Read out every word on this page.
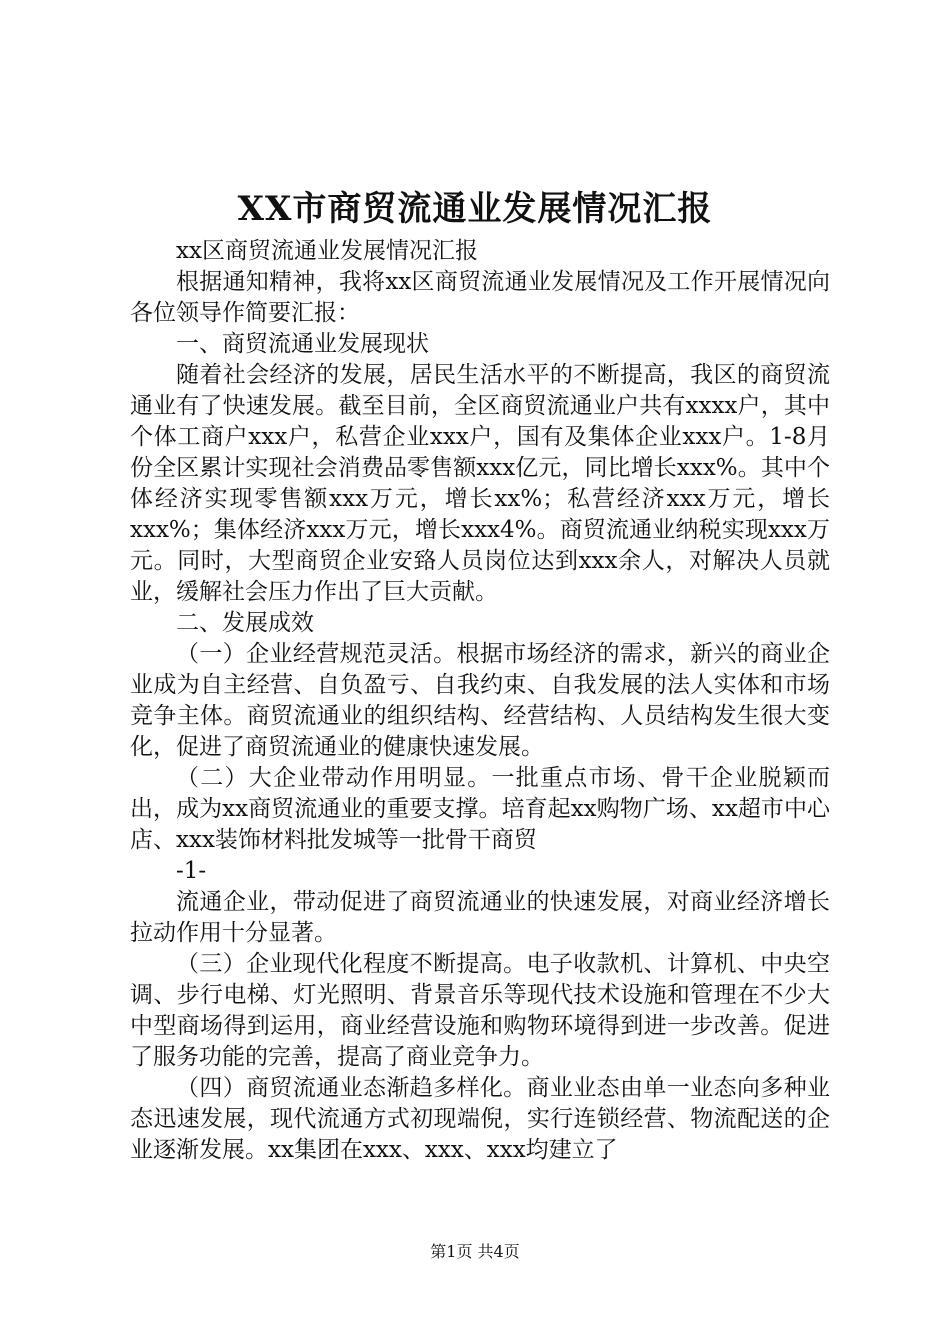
XX市商贸流通业发展情况汇报

xx区商贸流通业发展情况汇报

根据通知精神，我将xx区商贸流通业发展情况及工作开展情况向各位领导作简要汇报：

一、商贸流通业发展现状

随着社会经济的发展，居民生活水平的不断提高，我区的商贸流通业有了快速发展。截至目前，全区商贸流通业户共有xxxx户，其中个体工商户xxx户，私营企业xxx户，国有及集体企业xxx户。1-8月份全区累计实现社会消费品零售额xxx亿元，同比增长xxx%。其中个体经济实现零售额xxx万元，增长xx%；私营经济xxx万元，增长xxx%；集体经济xxx万元，增长xxx4%。商贸流通业纳税实现xxx万元。同时，大型商贸企业安臵人员岗位达到xxx余人，对解决人员就业，缓解社会压力作出了巨大贡献。

二、发展成效

（一）企业经营规范灵活。根据市场经济的需求，新兴的商业企业成为自主经营、自负盈亏、自我约束、自我发展的法人实体和市场竞争主体。商贸流通业的组织结构、经营结构、人员结构发生很大变化，促进了商贸流通业的健康快速发展。

（二）大企业带动作用明显。一批重点市场、骨干企业脱颖而出，成为xx商贸流通业的重要支撑。培育起xx购物广场、xx超市中心店、xxx装饰材料批发城等一批骨干商贸

-1-

流通企业，带动促进了商贸流通业的快速发展，对商业经济增长拉动作用十分显著。

（三）企业现代化程度不断提高。电子收款机、计算机、中央空调、步行电梯、灯光照明、背景音乐等现代技术设施和管理在不少大中型商场得到运用，商业经营设施和购物环境得到进一步改善。促进了服务功能的完善，提高了商业竞争力。

（四）商贸流通业态渐趋多样化。商业业态由单一业态向多种业态迅速发展，现代流通方式初现端倪，实行连锁经营、物流配送的企业逐渐发展。xx集团在xxx、xxx、xxx均建立了

第1页 共4页
